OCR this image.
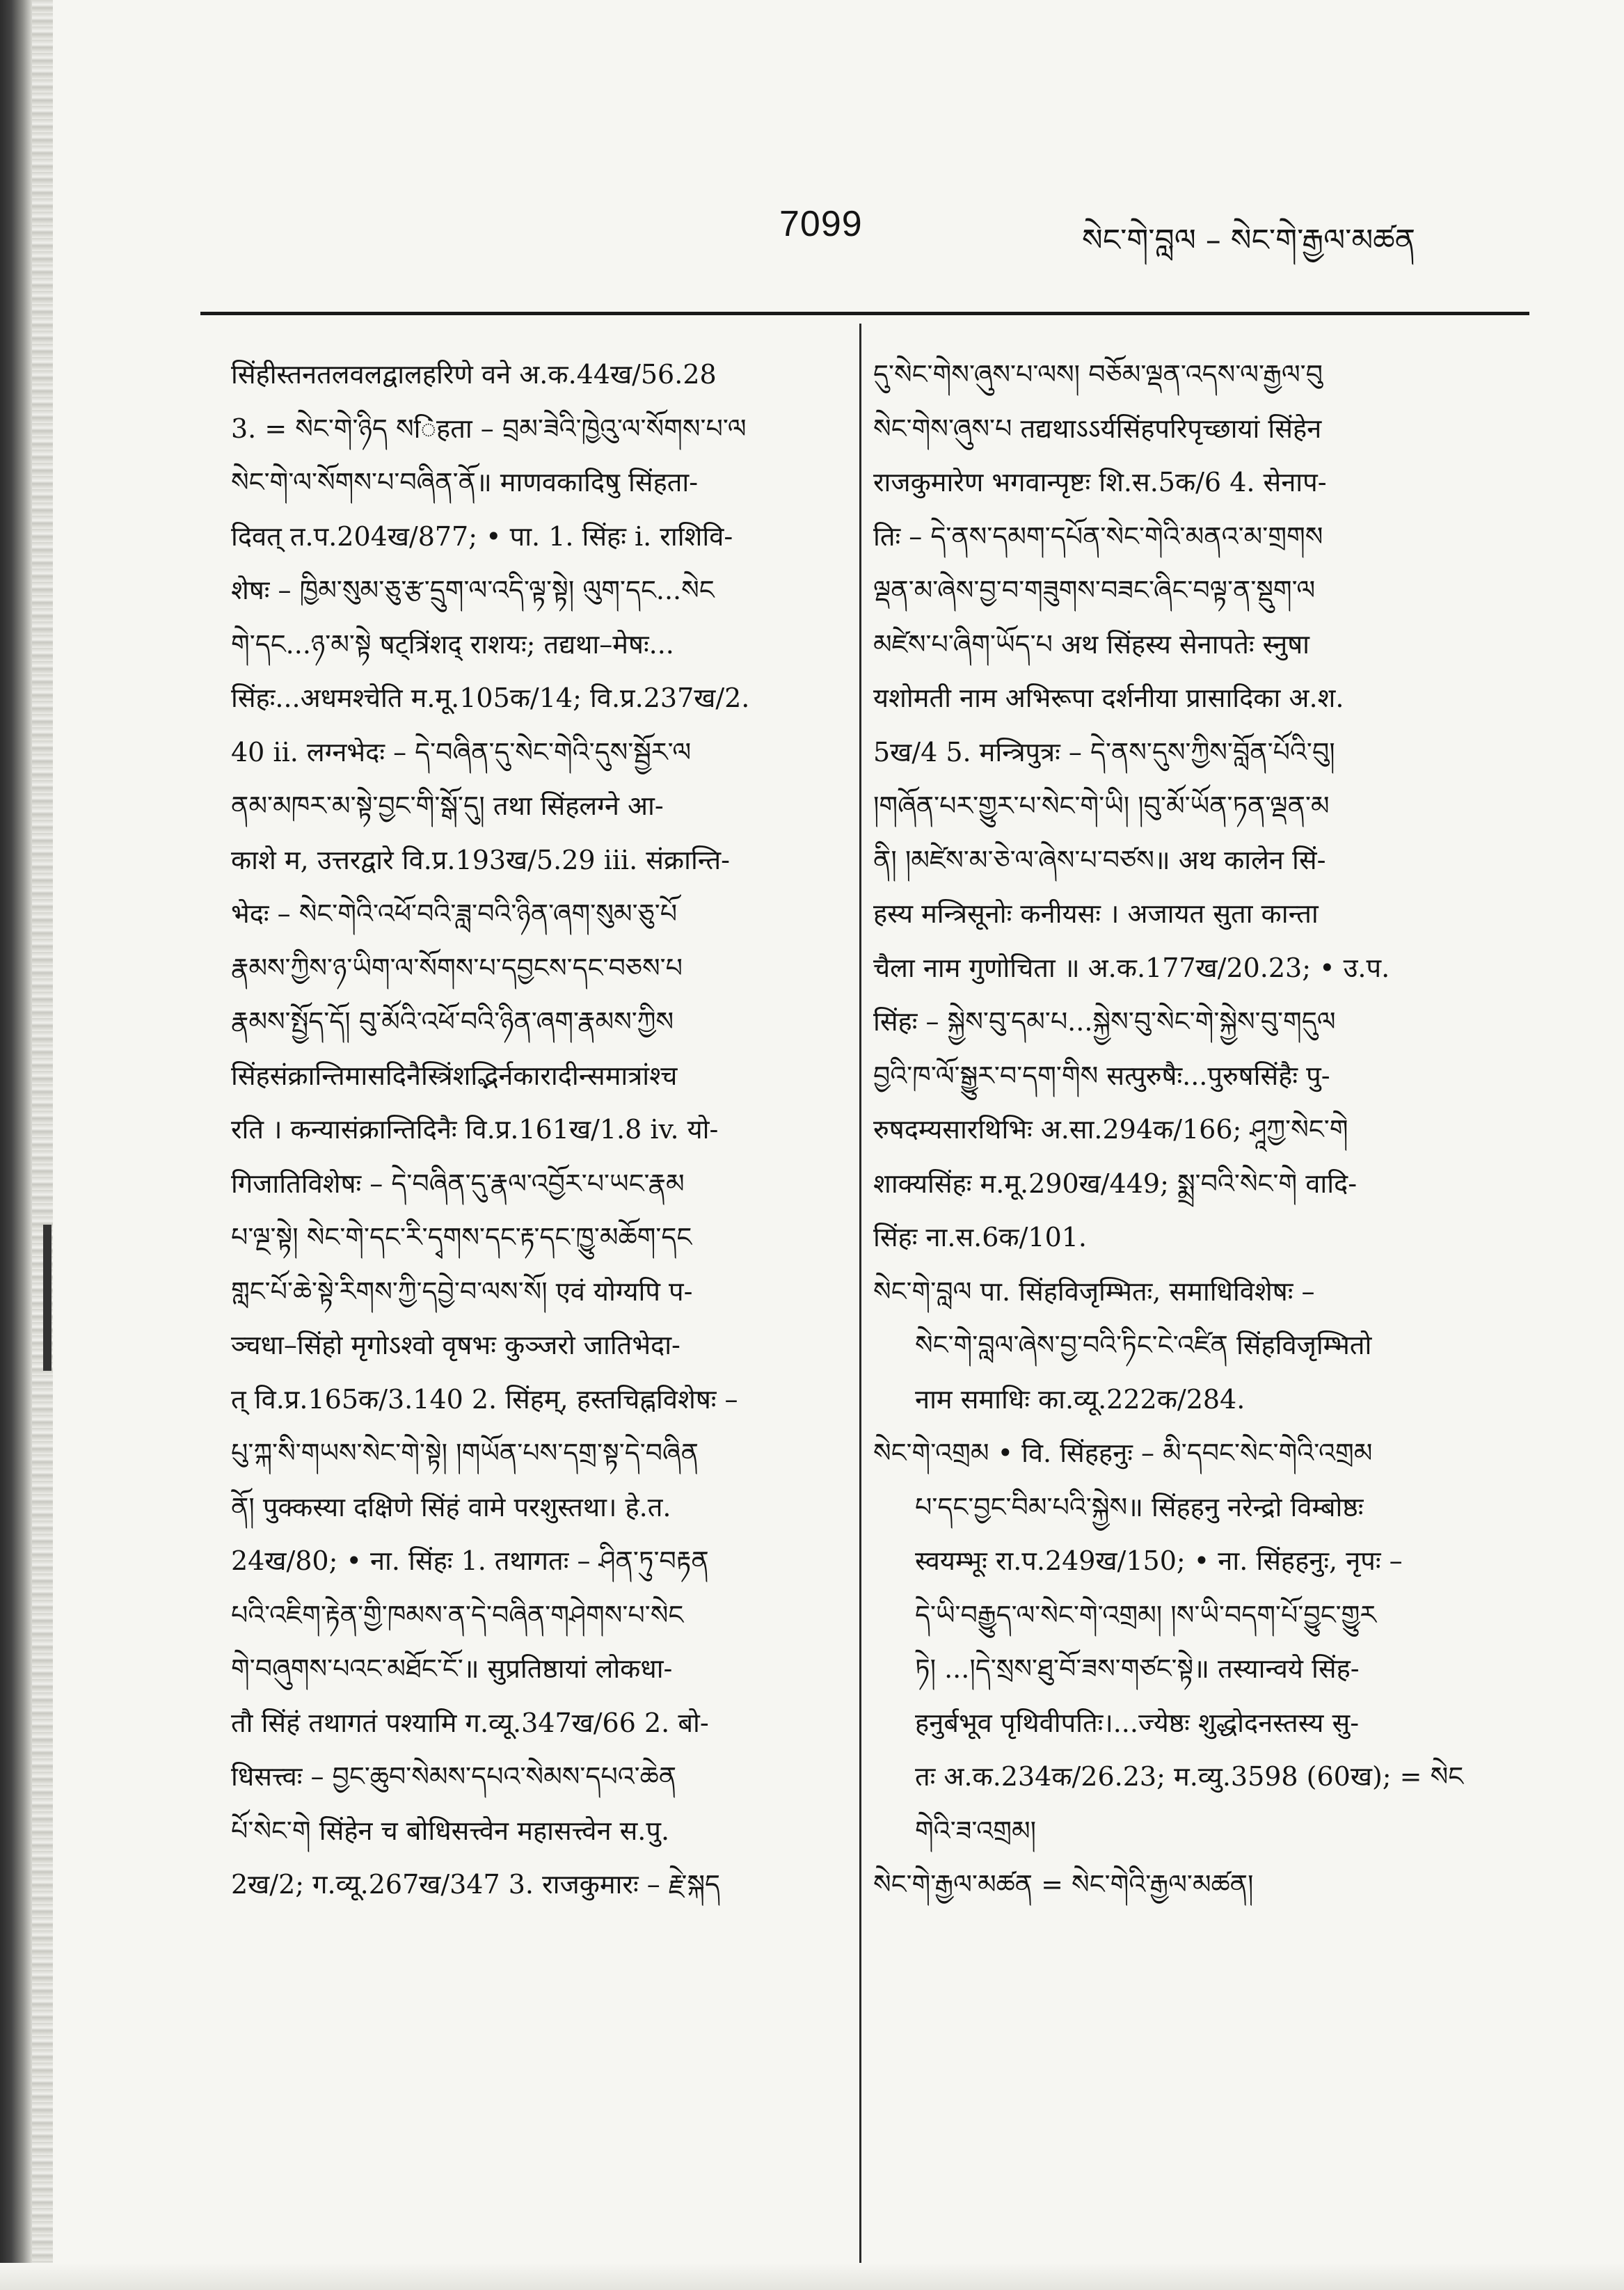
7099	སེང་གེ་བླལ – སེང་གེ་རྒྱལ་མཚན
सिंहीस्तनतलवलद्वालहरिणे वने अ.क.44ख/56.28
3. = སེང་གེ་ཉིད སिंहता – བྲམ་ཟེའི་ཁྱེའུ་ལ་སོགས་པ་ལ
སེང་གེ་ལ་སོགས་པ་བཞིན་ནོ॥ माणवकादिषु सिंहता-
दिवत् त.प.204ख/877; • पा. 1. सिंहः i. राशिवि-
शेषः – ཁྱིམ་སུམ་ཅུ་རྩ་དྲུག་ལ་འདི་ལྟ་སྟེ། ལུག་དང...སེང
གེ་དང...ཉ་མ་སྟེ षट्त्रिंशद् राशयः; तद्यथा–मेषः...
सिंहः...अधमश्चेति म.मू.105क/14; वि.प्र.237ख/2.
40 ii. लग्नभेदः – དེ་བཞིན་དུ་སེང་གེའི་དུས་སྦྱོར་ལ
ནམ་མཁར་མ་སྟེ་བྱང་གི་སྒོ་དུ། तथा सिंहलग्ने आ-
काशे म, उत्तरद्वारे वि.प्र.193ख/5.29 iii. संक्रान्ति-
भेदः – སེང་གེའི་འཕོ་བའི་ཟླ་བའི་ཉིན་ཞག་སུམ་ཅུ་པོ
རྣམས་ཀྱིས་ཉ་ཡིག་ལ་སོགས་པ་དབྱངས་དང་བཅས་པ
རྣམས་སྤྱོད་དོ། བུ་མོའི་འཕོ་བའི་ཉིན་ཞག་རྣམས་ཀྱིས
सिंहसंक्रान्तिमासदिनैस्त्रिंशद्भिर्नकारादीन्समात्रांश्च
रति । कन्यासंक्रान्तिदिनैः वि.प्र.161ख/1.8 iv. यो-
गिजातिविशेषः – དེ་བཞིན་དུ་རྣལ་འབྱོར་པ་ཡང་རྣམ
པ་ལྔ་སྟེ། སེང་གེ་དང་རི་དྭགས་དང་རྟ་དང་ཁྱུ་མཆོག་དང
གླང་པོ་ཆེ་སྟེ་རིགས་ཀྱི་དབྱེ་བ་ལས་སོ། एवं योग्यपि प-
ञ्चधा–सिंहो मृगोऽश्वो वृषभः कुञ्जरो जातिभेदा-
त् वि.प्र.165क/3.140 2. सिंहम्, हस्तचिह्नविशेषः –
པུ་ཀྐ་སི་གཡས་སེང་གེ་སྟེ། །གཡོན་པས་དགྲ་སྟ་དེ་བཞིན
ནོ། पुक्कस्या दक्षिणे सिंहं वामे परशुस्तथा। हे.त.
24ख/80; • ना. सिंहः 1. तथागतः – ཤིན་ཏུ་བརྟན
པའི་འཇིག་རྟེན་གྱི་ཁམས་ན་དེ་བཞིན་གཤེགས་པ་སེང
གེ་བཞུགས་པའང་མཐོང་ངོ་॥ सुप्रतिष्ठायां लोकधा-
तौ सिंहं तथागतं पश्यामि ग.व्यू.347ख/66 2. बो-
धिसत्त्वः – བྱང་ཆུབ་སེམས་དཔའ་སེམས་དཔའ་ཆེན
པོ་སེང་གེ सिंहेन च बोधिसत्त्वेन महासत्त्वेन स.पु.
2ख/2; ग.व्यू.267ख/347 3. राजकुमारः – རྗེ་སྐད
དུ་སེང་གེས་ཞུས་པ་ལས། བཅོམ་ལྡན་འདས་ལ་རྒྱལ་བུ
སེང་གེས་ཞུས་པ तद्यथाऽऽर्यसिंहपरिपृच्छायां सिंहेन
राजकुमारेण भगवान्पृष्टः शि.स.5क/6 4. सेनाप-
तिः – དེ་ནས་དམག་དཔོན་སེང་གེའི་མནའ་མ་གྲགས
ལྡན་མ་ཞེས་བྱ་བ་གཟུགས་བཟང་ཞིང་བལྟ་ན་སྡུག་ལ
མཛེས་པ་ཞིག་ཡོད་པ अथ सिंहस्य सेनापतेः स्नुषा
यशोमती नाम अभिरूपा दर्शनीया प्रासादिका अ.श.
5ख/4 5. मन्त्रिपुत्रः – དེ་ནས་དུས་ཀྱིས་བློན་པོའི་བུ།
།གཞོན་པར་གྱུར་པ་སེང་གེ་ཡི། །བུ་མོ་ཡོན་ཏན་ལྡན་མ
ནི། །མཛེས་མ་ཅེ་ལ་ཞེས་པ་བཙས॥ अथ कालेन सिं-
हस्य मन्त्रिसूनोः कनीयसः । अजायत सुता कान्ता
चैला नाम गुणोचिता ॥ अ.क.177ख/20.23; • उ.प.
सिंहः – སྐྱེས་བུ་དམ་པ...སྐྱེས་བུ་སེང་གེ་སྐྱེས་བུ་གདུལ
བྱའི་ཁ་ལོ་སྒྱུར་བ་དག་གིས सत्पुरुषैः...पुरुषसिंहैः पु-
रुषदम्यसारथिभिः अ.सा.294क/166; ཤཱཀྱ་སེང་གེ
शाक्यसिंहः म.मू.290ख/449; སྨྲ་བའི་སེང་གེ वादि-
सिंहः ना.स.6क/101.
སེང་གེ་བླལ पा. सिंहविजृम्भितः, समाधिविशेषः –
སེང་གེ་བླལ་ཞེས་བྱ་བའི་ཏིང་ངེ་འཛིན सिंहविजृम्भितो
नाम समाधिः का.व्यू.222क/284.
སེང་གེ་འགྲམ • वि. सिंहहनुः – མི་དབང་སེང་གེའི་འགྲམ
པ་དང་བྱང་བིམ་པའི་སྐྱེས॥ सिंहहनु नरेन्द्रो विम्बोष्ठः
स्वयम्भूः रा.प.249ख/150; • ना. सिंहहनुः, नृपः –
དེ་ཡི་བརྒྱུད་ལ་སེང་གེ་འགྲམ། །ས་ཡི་བདག་པོ་བྱུང་གྱུར
ཏེ། ...།དེ་སྲས་ཐུ་བོ་ཟས་གཙང་སྟེ॥ तस्यान्वये सिंह-
हनुर्बभूव पृथिवीपतिः।...ज्येष्ठः शुद्धोदनस्तस्य सु-
तः अ.क.234क/26.23; म.व्यु.3598 (60ख); = སེང
གེའི་ཟ་འགྲམ།
སེང་གེ་རྒྱལ་མཚན = སེང་གེའི་རྒྱལ་མཚན།
